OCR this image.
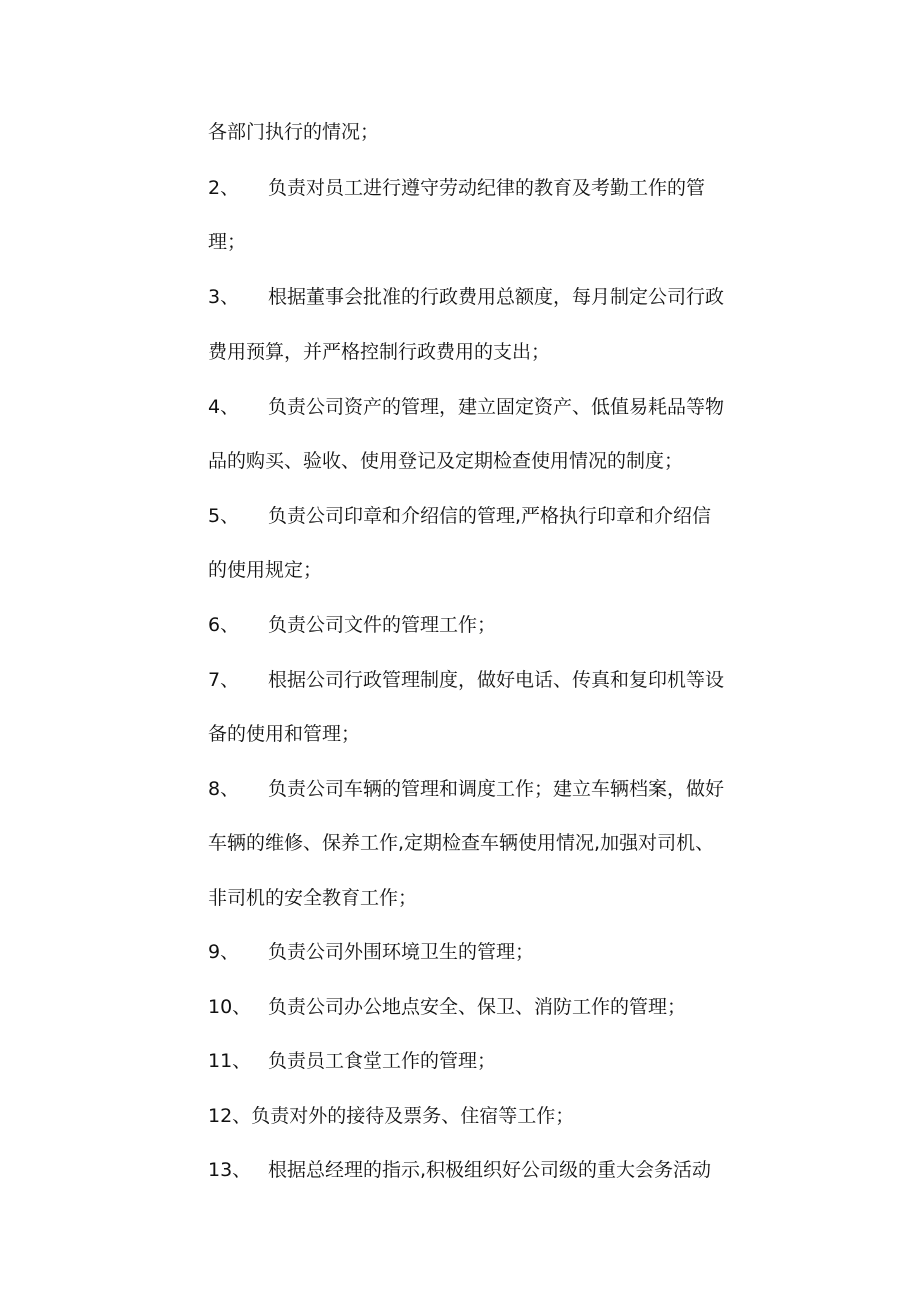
各部门执行的情况；
2、 负责对员工进行遵守劳动纪律的教育及考勤工作的管
理；
3、 根据董事会批准的行政费用总额度，每月制定公司行政
费用预算，并严格控制行政费用的支出；
4、 负责公司资产的管理，建立固定资产、低值易耗品等物
品的购买、验收、使用登记及定期检查使用情况的制度；
5、 负责公司印章和介绍信的管理,严格执行印章和介绍信
的使用规定；
6、 负责公司文件的管理工作；
7、 根据公司行政管理制度，做好电话、传真和复印机等设
备的使用和管理；
8、 负责公司车辆的管理和调度工作；建立车辆档案，做好
车辆的维修、保养工作,定期检查车辆使用情况,加强对司机、
非司机的安全教育工作；
9、 负责公司外围环境卫生的管理；
10、 负责公司办公地点安全、保卫、消防工作的管理；
11、 负责员工食堂工作的管理；
12、负责对外的接待及票务、住宿等工作；
13、 根据总经理的指示,积极组织好公司级的重大会务活动
